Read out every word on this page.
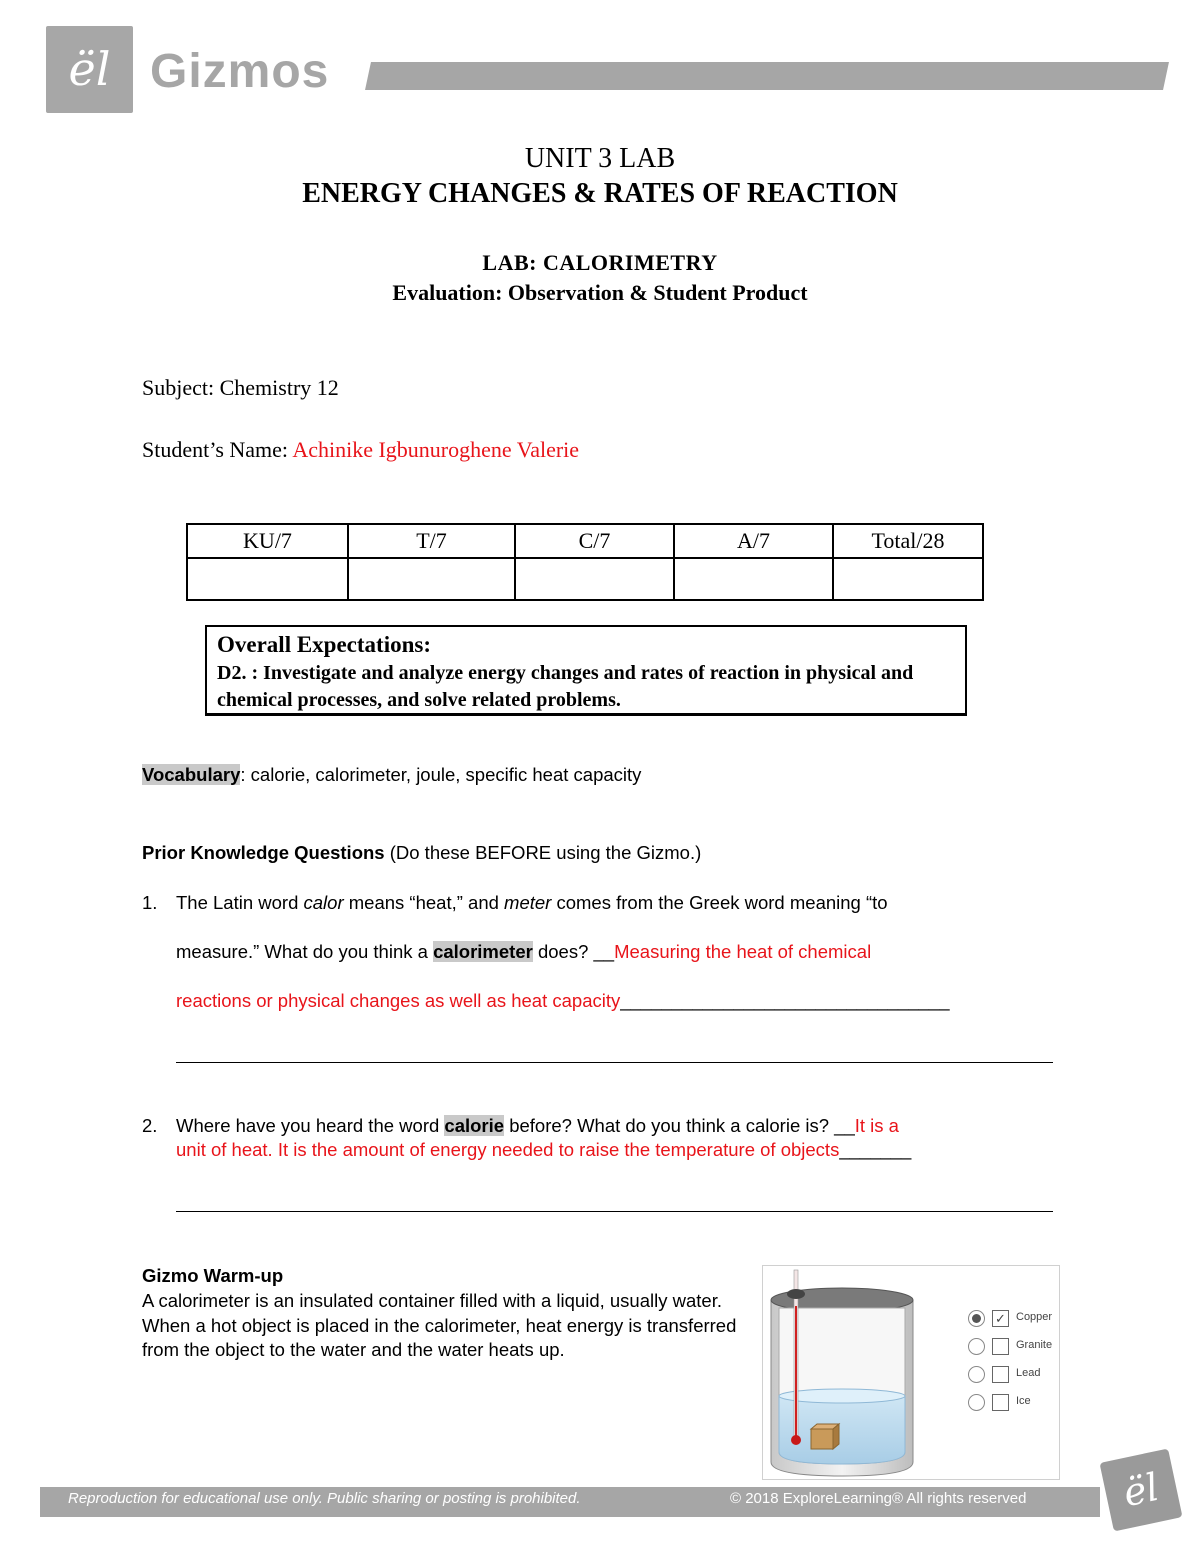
ël Gizmos
UNIT 3 LAB
ENERGY CHANGES & RATES OF REACTION
LAB: CALORIMETRY
Evaluation: Observation & Student Product
Subject: Chemistry 12
Student’s Name: Achinike Igbunuroghene Valerie
KU/7	T/7	C/7	A/7	Total/28

Overall Expectations:
D2. : Investigate and analyze energy changes and rates of reaction in physical and chemical processes, and solve related problems.
Vocabulary: calorie, calorimeter, joule, specific heat capacity
Prior Knowledge Questions (Do these BEFORE using the Gizmo.)
1. The Latin word calor means “heat,” and meter comes from the Greek word meaning “to
measure.” What do you think a calorimeter does? __Measuring the heat of chemical
reactions or physical changes as well as heat capacity________________________________
2. Where have you heard the word calorie before? What do you think a calorie is? __It is a
unit of heat. It is the amount of energy needed to raise the temperature of objects_______
Gizmo Warm-up
A calorimeter is an insulated container filled with a liquid, usually water. When a hot object is placed in the calorimeter, heat energy is transferred from the object to the water and the water heats up.
✓ Copper
Granite
Lead
Ice
Reproduction for educational use only. Public sharing or posting is prohibited.	© 2018 ExploreLearning® All rights reserved	ël
